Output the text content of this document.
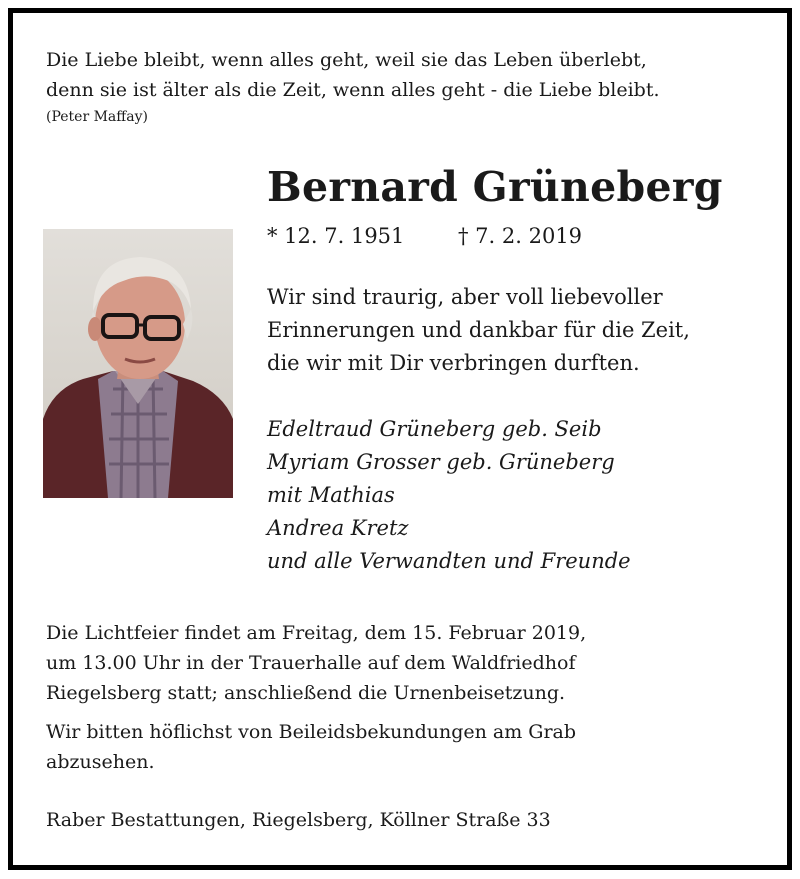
Die Liebe bleibt, wenn alles geht, weil sie das Leben überlebt,
denn sie ist älter als die Zeit, wenn alles geht - die Liebe bleibt.
(Peter Maffay)
Bernard Grüneberg
* 12. 7. 1951	† 7. 2. 2019
Wir sind traurig, aber voll liebevoller
Erinnerungen und dankbar für die Zeit,
die wir mit Dir verbringen durften.
Edeltraud Grüneberg geb. Seib
Myriam Grosser geb. Grüneberg
mit Mathias
Andrea Kretz
und alle Verwandten und Freunde
Die Lichtfeier findet am Freitag, dem 15. Februar 2019,
um 13.00 Uhr in der Trauerhalle auf dem Waldfriedhof
Riegelsberg statt; anschließend die Urnenbeisetzung.
Wir bitten höflichst von Beileidsbekundungen am Grab
abzusehen.
Raber Bestattungen, Riegelsberg, Köllner Straße 33
